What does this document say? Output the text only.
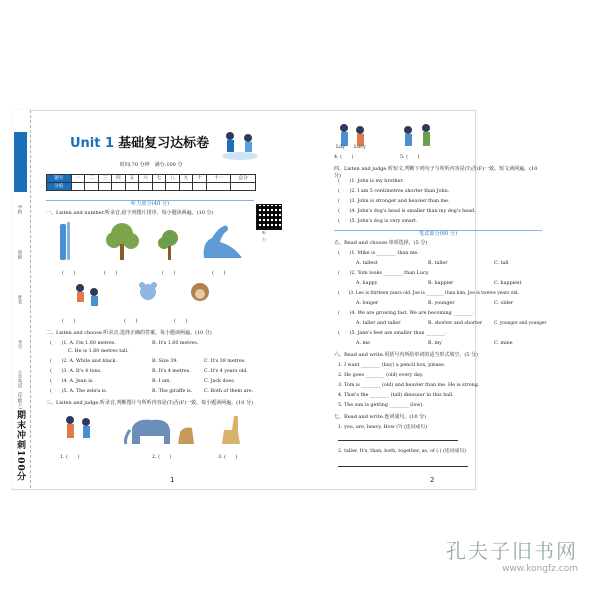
学校
班级
姓名
考号
小学英语
(年级下)
期末冲刺100分
Unit 1 基础复习达标卷
时间:70 分钟　满分:100 分
题号	一	二	三	四	五	六	七	八	九	十	十一	总分
分值												
听力
听力部分(40 分)
一、Listen and number.听录音,给下列图片排序。每小题读两遍。(10 分)
(　　)	(　　)	(　　)	(　　)
(　　)	(　　)	(　　)
二、Listen and choose.听录音,选择正确的答案。每小题读两遍。(10 分)
(　　)1. A. I'm 1.60 metres.	B. It's 1.60 metres.
C. He is 1.60 metres tall.
(　　)2. A. White and black.	B. Size 39.	C. It's 39 metres.
(　　)3. A. It's 4 tons.	B. It's 4 metres.	C. It's 4 years old.
(　　)4. A. Jean is.	B. I am.	C. Jack does.
(　　)5. A. The zebra is.	B. The giraffe is. C. Both of them are.
三、Listen and judge.听录音,判断图片与所听内容是(T)否(F)一致。每小题读两遍。(10 分)
1. (　　)	2. (　　)	3. (　　)
1
Lily Lucy
4. (　　)	5. (　　)
四、Listen and judge.听短文,判断下列句子与所听内容是(T)否(F)一致。短文读两遍。(10 分)
(　　)1. John is my brother.
(　　)2. I am 5 centimetres shorter than John.
(　　)3. John is stronger and heavier than me.
(　　)4. John's dog's head is smaller than my dog's head.
(　　)5. John's dog is very smart.
笔试部分(60 分)
五、Read and choose.单项选择。(5 分)
(　　)1. Mike is ________ than me.
A. tallest	B. taller	C. tall
(　　)2. Tom looks ________ than Lucy.
A. happy	B. happier	C. happiest
(　　)3. Leo is thirteen years old. Joe is ________ than him. Joe is twelve years old.
A. longer	B. younger	C. older
(　　)4. We are growing fast. We are becoming ________.
A. taller and taller	B. shorter and shorter	C. younger and younger
(　　)5. Jane's feet are smaller than ________.
A. me	B. my	C. mine
六、Read and write.用括号内所给单词的适当形式填空。(5 分)
1. I want ________ (buy) a pencil box, please.
2. He goes ________ (old) every day.
3. Tom is ________ (old) and heavier than me. He is strong.
4. That's the ________ (tall) dinosaur in this hall.
5. The sun is getting ________ (low).
七、Read and write.连词成句。(10 分)
1. you, are, heavy, How (?) (连词成句)
2. taller, It's, than, both, together, as, of (.) (连词成句)
2
孔夫子旧书网
www.kongfz.com
